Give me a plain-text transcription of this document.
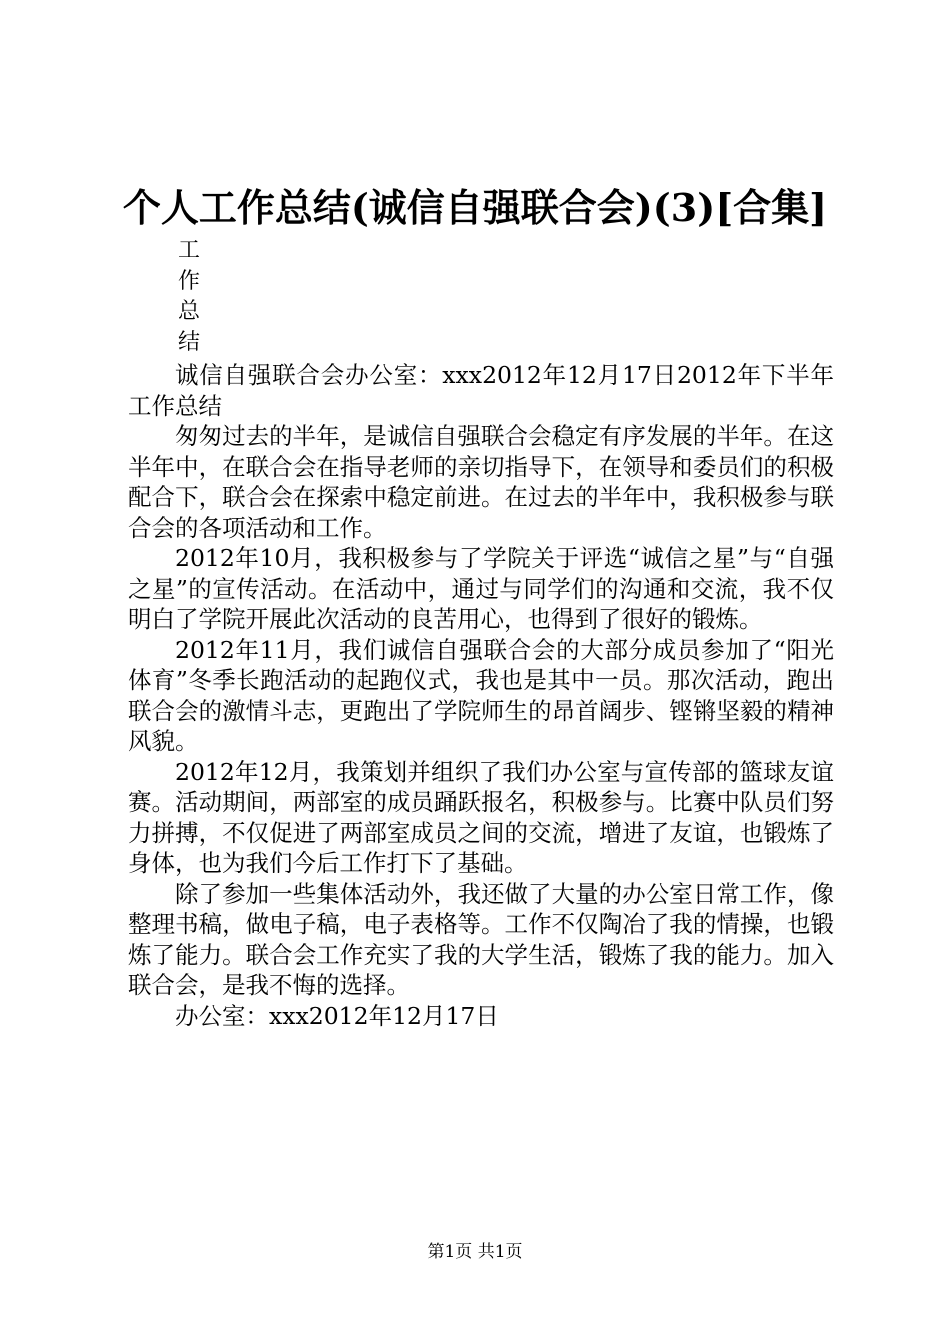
个人工作总结(诚信自强联合会)(3)[合集]
工
作
总
结

诚信自强联合会办公室：xxx2012年12月17日2012年下半年工作总结

匆匆过去的半年，是诚信自强联合会稳定有序发展的半年。在这半年中，在联合会在指导老师的亲切指导下，在领导和委员们的积极配合下，联合会在探索中稳定前进。在过去的半年中，我积极参与联合会的各项活动和工作。

2012年10月，我积极参与了学院关于评选“诚信之星”与“自强之星”的宣传活动。在活动中，通过与同学们的沟通和交流，我不仅明白了学院开展此次活动的良苦用心，也得到了很好的锻炼。

2012年11月，我们诚信自强联合会的大部分成员参加了“阳光体育”冬季长跑活动的起跑仪式，我也是其中一员。那次活动，跑出联合会的激情斗志，更跑出了学院师生的昂首阔步、铿锵坚毅的精神风貌。

2012年12月，我策划并组织了我们办公室与宣传部的篮球友谊赛。活动期间，两部室的成员踊跃报名，积极参与。比赛中队员们努力拼搏，不仅促进了两部室成员之间的交流，增进了友谊，也锻炼了身体，也为我们今后工作打下了基础。

除了参加一些集体活动外，我还做了大量的办公室日常工作，像整理书稿，做电子稿，电子表格等。工作不仅陶冶了我的情操，也锻炼了能力。联合会工作充实了我的大学生活，锻炼了我的能力。加入联合会，是我不悔的选择。

办公室：xxx2012年12月17日

第1页 共1页
